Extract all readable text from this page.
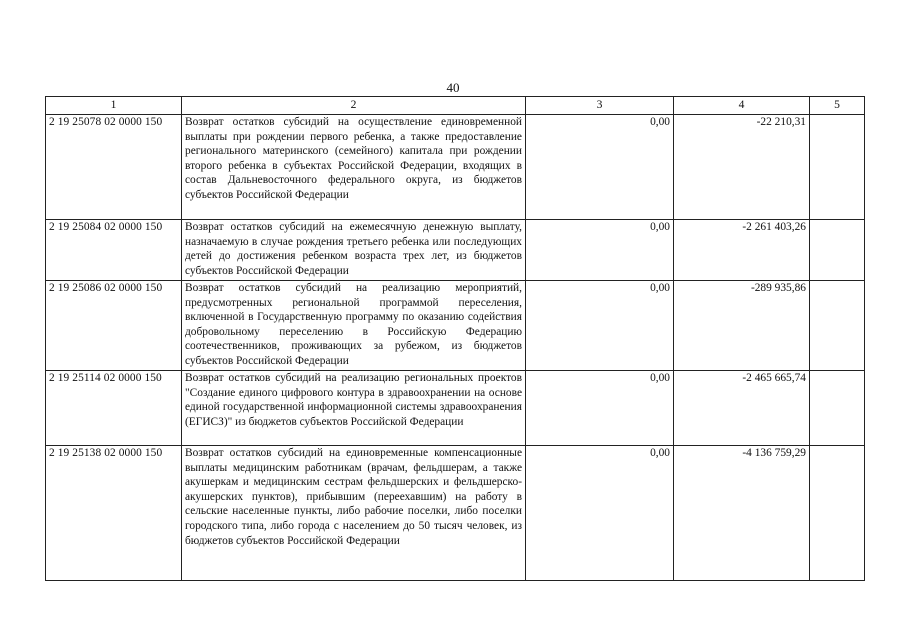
40
1	2	3	4	5
2 19 25078 02 0000 150	Возврат остатков субсидий на осуществление единовременной выплаты при рождении первого ребенка, а также предоставление регионального материнского (семейного) капитала при рождении второго ребенка в субъектах Российской Федерации, входящих в состав Дальневосточного федерального округа, из бюджетов субъектов Российской Федерации	0,00	-22 210,31	
2 19 25084 02 0000 150	Возврат остатков субсидий на ежемесячную денежную выплату, назначаемую в случае рождения третьего ребенка или последующих детей до достижения ребенком возраста трех лет, из бюджетов субъектов Российской Федерации	0,00	-2 261 403,26	
2 19 25086 02 0000 150	Возврат остатков субсидий на реализацию мероприятий, предусмотренных региональной программой переселения, включенной в Государственную программу по оказанию содействия добровольному переселению в Российскую Федерацию соотечественников, проживающих за рубежом, из бюджетов субъектов Российской Федерации	0,00	-289 935,86	
2 19 25114 02 0000 150	Возврат остатков субсидий на реализацию региональных проектов "Создание единого цифрового контура в здравоохранении на основе единой государственной информационной системы здравоохранения (ЕГИСЗ)" из бюджетов субъектов Российской Федерации	0,00	-2 465 665,74	
2 19 25138 02 0000 150	Возврат остатков субсидий на единовременные компенсационные выплаты медицинским работникам (врачам, фельдшерам, а также акушеркам и медицинским сестрам фельдшерских и фельдшерско-акушерских пунктов), прибывшим (переехавшим) на работу в сельские населенные пункты, либо рабочие поселки, либо поселки городского типа, либо города с населением до 50 тысяч человек, из бюджетов субъектов Российской Федерации	0,00	-4 136 759,29	
